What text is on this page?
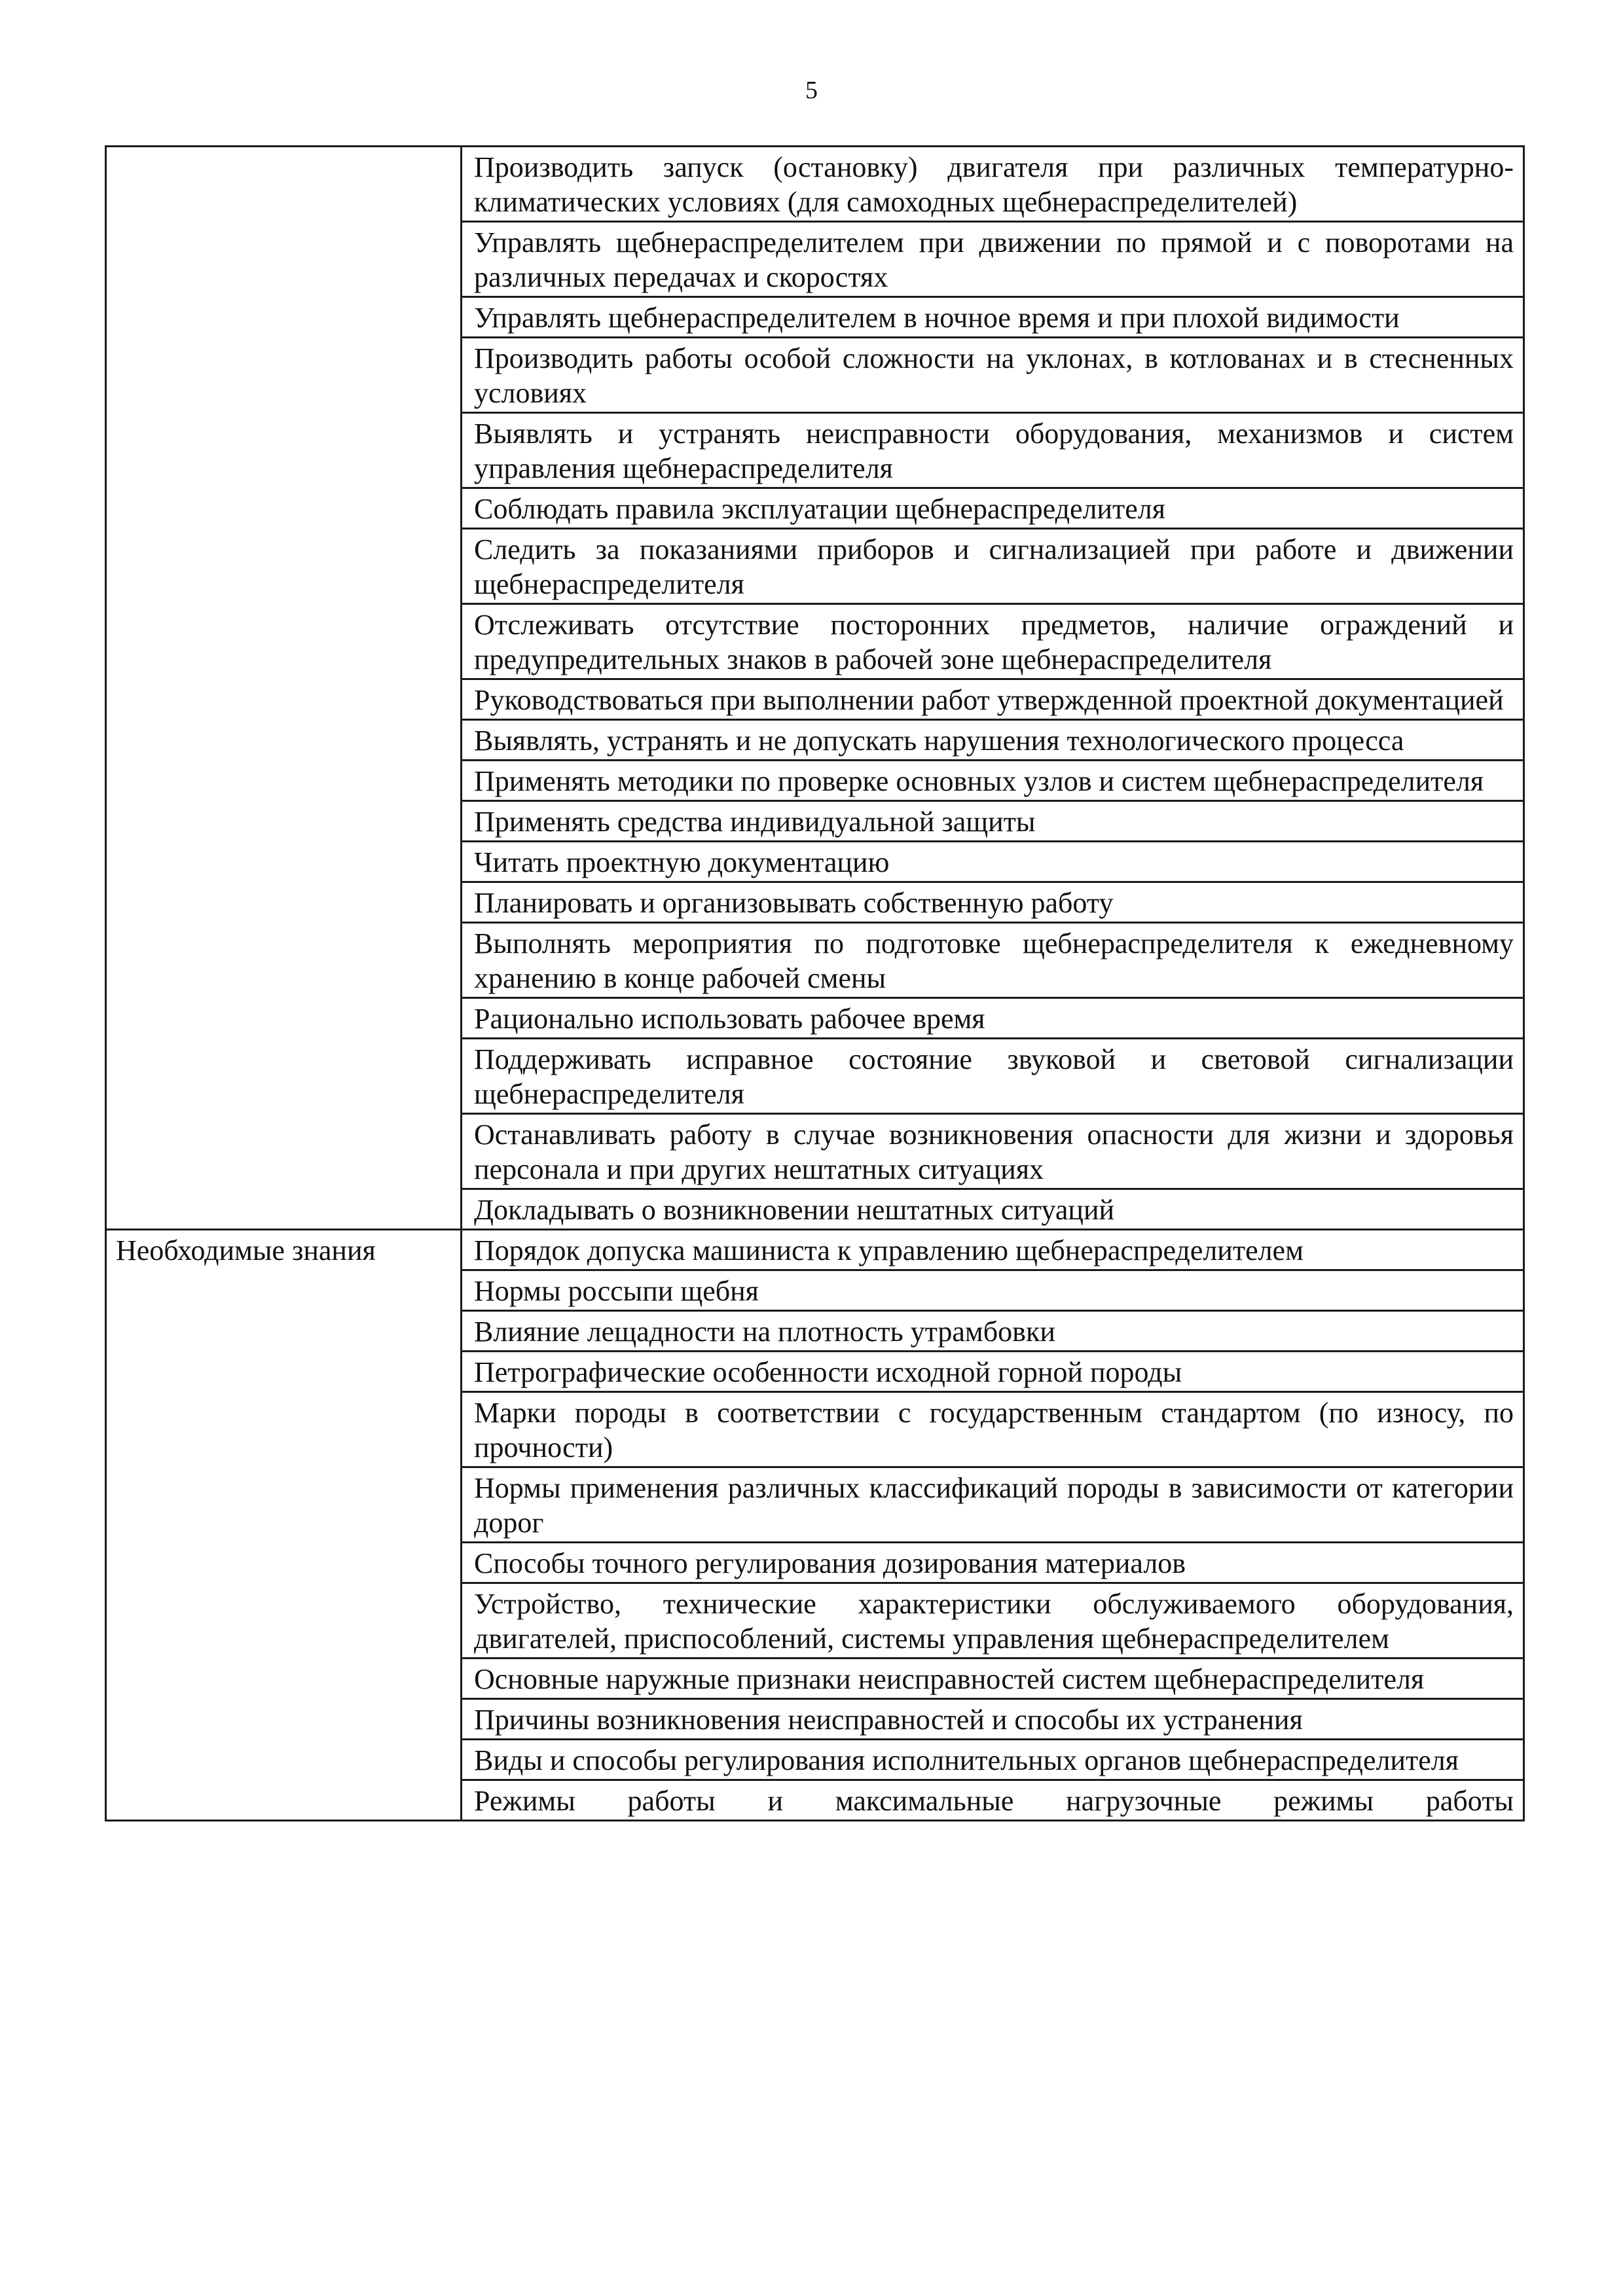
5
	Производить запуск (остановку) двигателя при различных температурно-климатических условиях (для самоходных щебнераспределителей)
	Управлять щебнераспределителем при движении по прямой и с поворотами на различных передачах и скоростях
	Управлять щебнераспределителем в ночное время и при плохой видимости
	Производить работы особой сложности на уклонах, в котлованах и в стесненных условиях
	Выявлять и устранять неисправности оборудования, механизмов и систем управления щебнераспределителя
	Соблюдать правила эксплуатации щебнераспределителя
	Следить за показаниями приборов и сигнализацией при работе и движении щебнераспределителя
	Отслеживать отсутствие посторонних предметов, наличие ограждений и предупредительных знаков в рабочей зоне щебнераспределителя
	Руководствоваться при выполнении работ утвержденной проектной документацией
	Выявлять, устранять и не допускать нарушения технологического процесса
	Применять методики по проверке основных узлов и систем щебнераспределителя
	Применять средства индивидуальной защиты
	Читать проектную документацию
	Планировать и организовывать собственную работу
	Выполнять мероприятия по подготовке щебнераспределителя к ежедневному хранению в конце рабочей смены
	Рационально использовать рабочее время
	Поддерживать исправное состояние звуковой и световой сигнализации щебнераспределителя
	Останавливать работу в случае возникновения опасности для жизни и здоровья персонала и при других нештатных ситуациях
	Докладывать о возникновении нештатных ситуаций

Необходимые знания	Порядок допуска машиниста к управлению щебнераспределителем
	Нормы россыпи щебня
	Влияние лещадности на плотность утрамбовки
	Петрографические особенности исходной горной породы
	Марки породы в соответствии с государственным стандартом (по износу, по прочности)
	Нормы применения различных классификаций породы в зависимости от категории дорог
	Способы точного регулирования дозирования материалов
	Устройство, технические характеристики обслуживаемого оборудования, двигателей, приспособлений, системы управления щебнераспределителем
	Основные наружные признаки неисправностей систем щебнераспределителя
	Причины возникновения неисправностей и способы их устранения
	Виды и способы регулирования исполнительных органов щебнераспределителя
	Режимы работы и максимальные нагрузочные режимы работы
